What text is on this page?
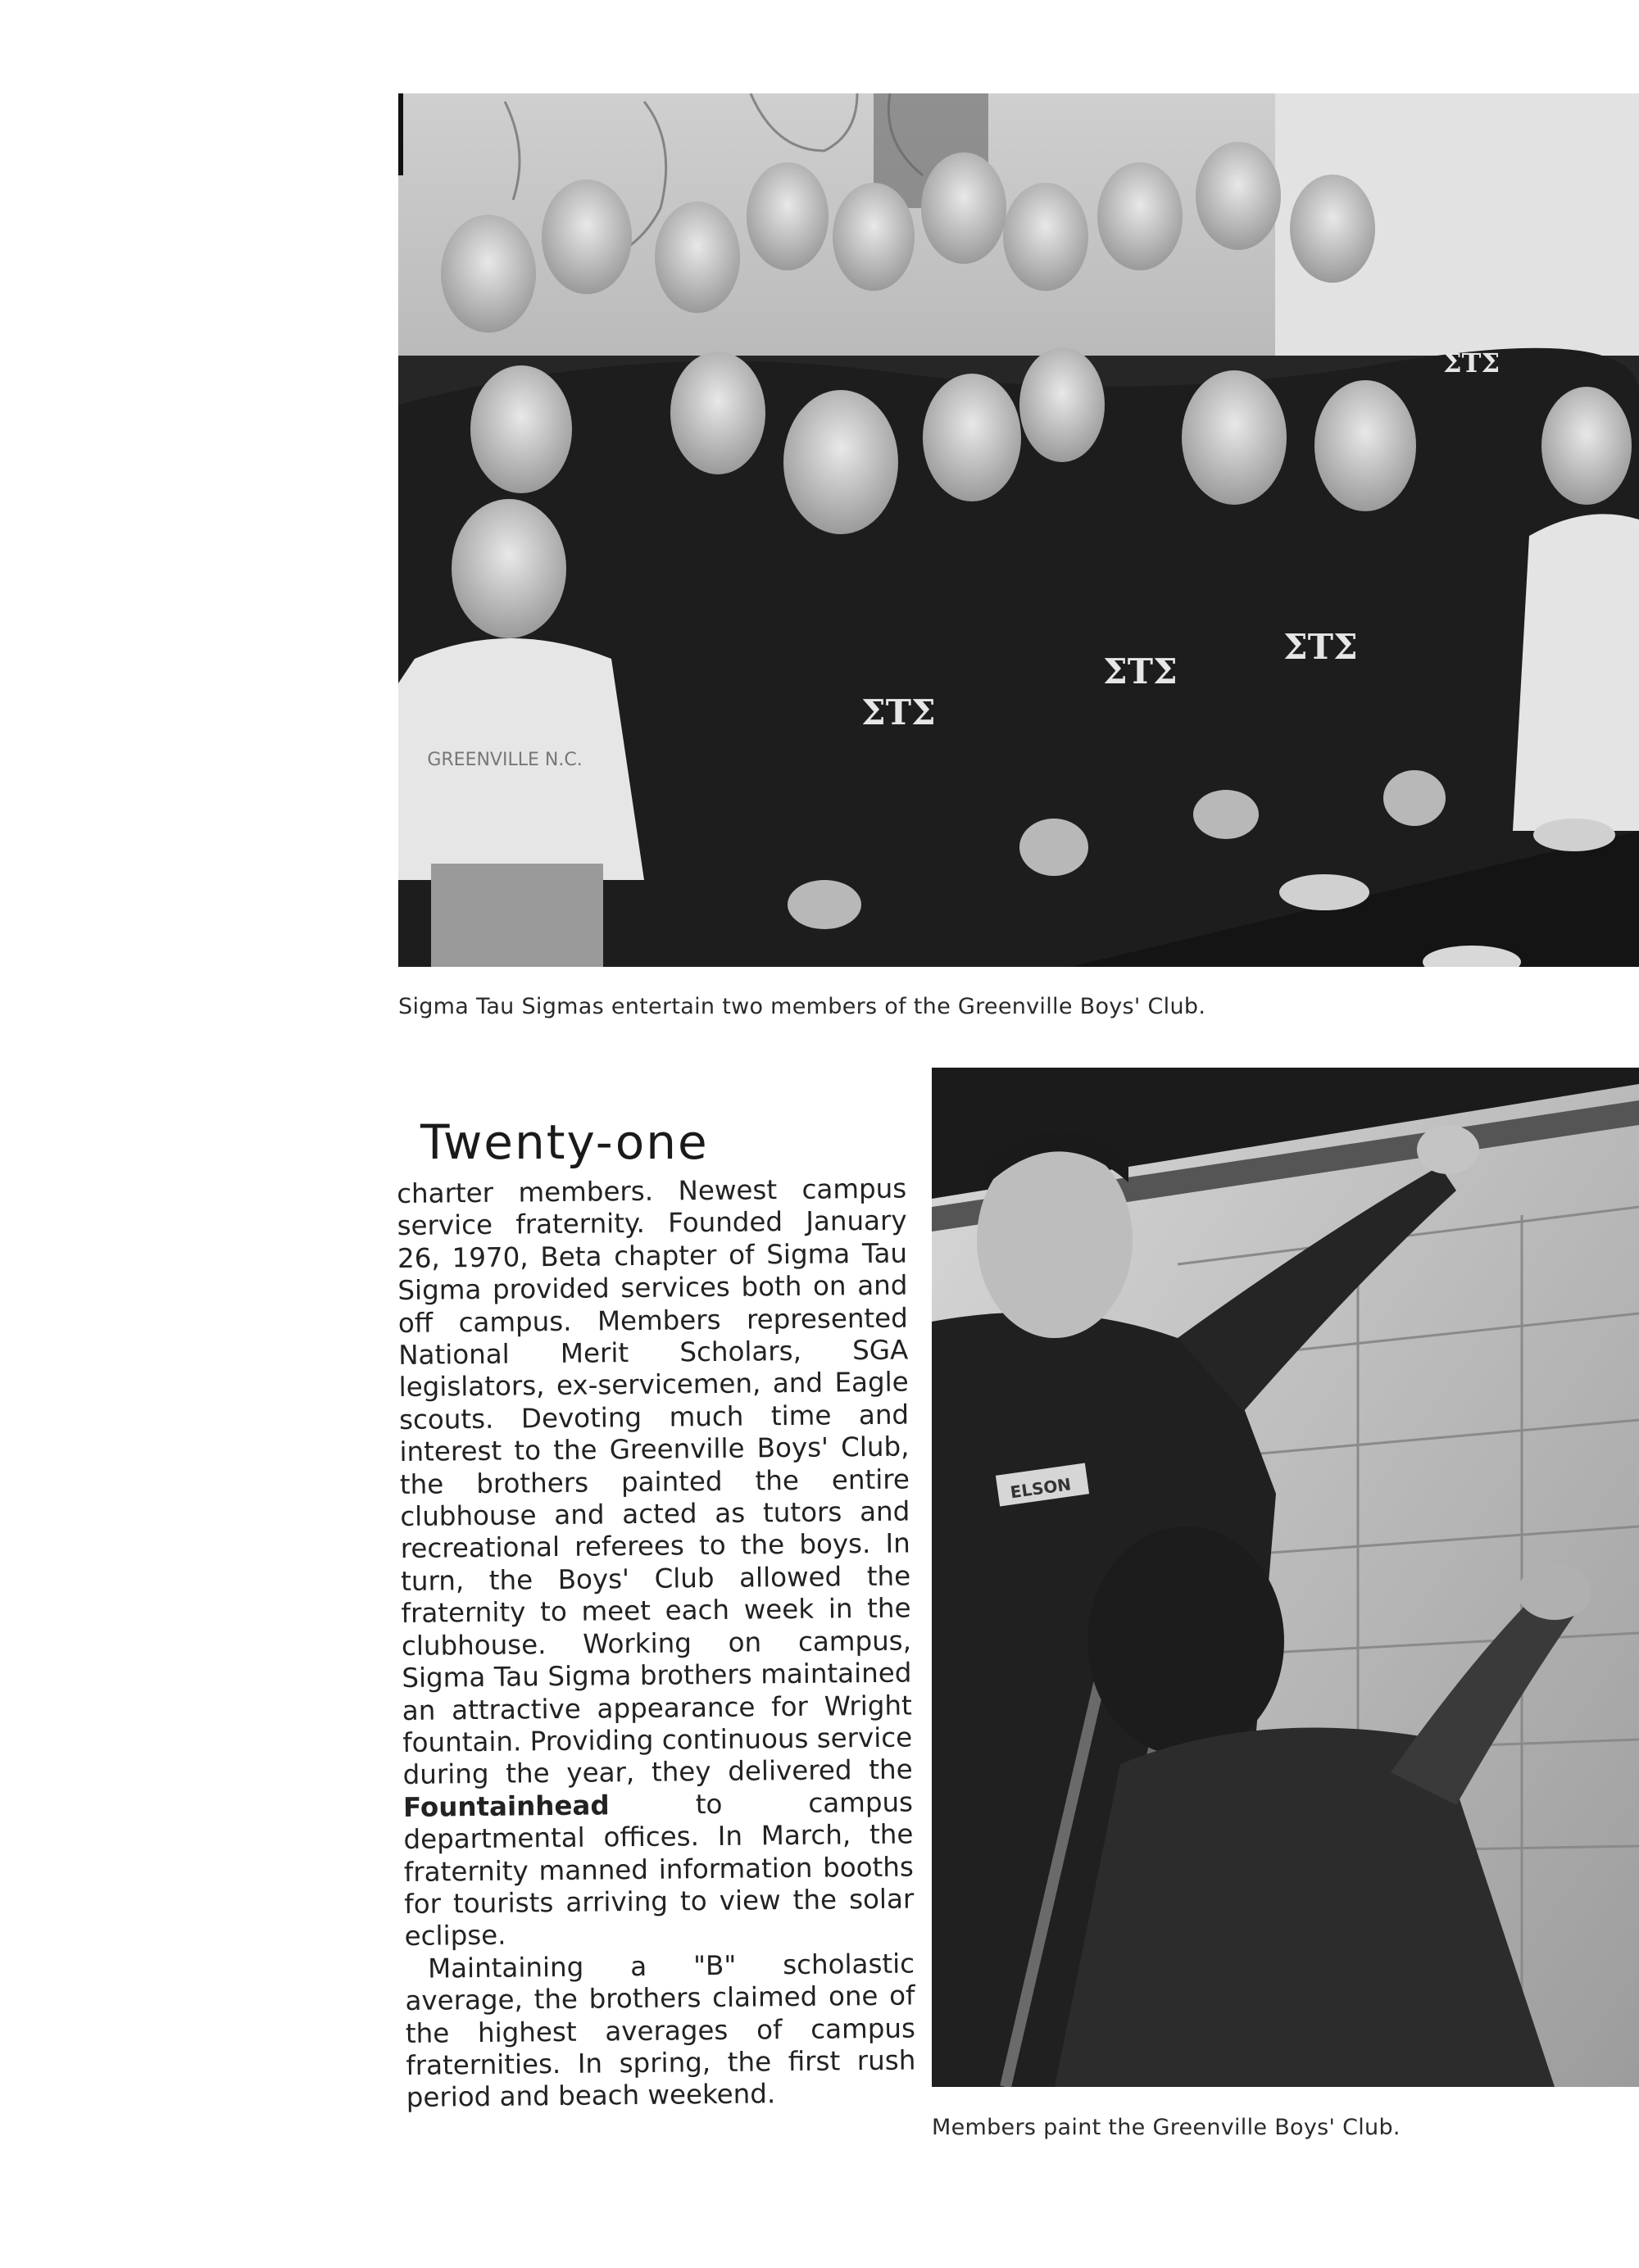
GREENVILLE N.C.
ΣΤΣ
ΣΤΣ
ΣΤΣ
ΣΤΣ
Sigma Tau Sigmas entertain two members of the Greenville Boys' Club.
Twenty-one

charter members. Newest campus service fraternity. Founded January 26, 1970, Beta chapter of Sigma Tau Sigma provided services both on and off campus. Members represented National Merit Scholars, SGA legislators, ex-servicemen, and Eagle scouts. Devoting much time and interest to the Greenville Boys' Club, the brothers painted the entire clubhouse and acted as tutors and recreational referees to the boys. In turn, the Boys' Club allowed the fraternity to meet each week in the clubhouse. Working on campus, Sigma Tau Sigma brothers maintained an attractive appearance for Wright fountain. Providing continuous service during the year, they delivered the Fountainhead	to campus departmental offices. In March, the fraternity manned information booths for tourists arriving to view the solar eclipse.

Maintaining a "B" scholastic average, the brothers claimed one of the highest averages of campus fraternities. In spring, the first rush period and beach weekend.

ELSON
Members paint the Greenville Boys' Club.
